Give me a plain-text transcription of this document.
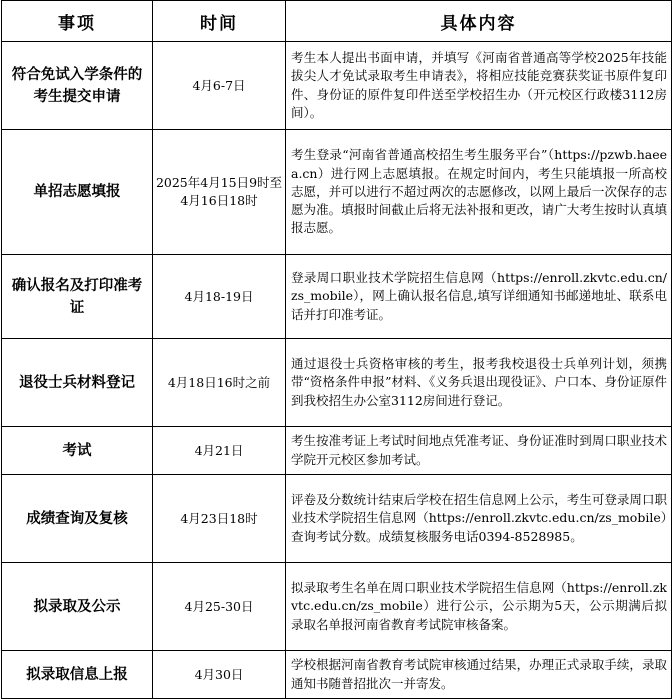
事项	时间	具体内容
符合免试入学条件的考生提交申请	4月6-7日	考生本人提出书面申请，并填写《河南省普通高等学校2025年技能拔尖人才免试录取考生申请表》，将相应技能竞赛获奖证书原件复印件、身份证的原件复印件送至学校招生办（开元校区行政楼3112房间）。
单招志愿填报	2025年4月15日9时至4月16日18时	考生登录“河南省普通高校招生考生服务平台”（https://pzwb.haeea.cn）进行网上志愿填报。在规定时间内，考生只能填报一所高校志愿，并可以进行不超过两次的志愿修改，以网上最后一次保存的志愿为准。填报时间截止后将无法补报和更改，请广大考生按时认真填报志愿。
确认报名及打印准考证	4月18-19日	登录周口职业技术学院招生信息网（https://enroll.zkvtc.edu.cn/zs_mobile），网上确认报名信息,填写详细通知书邮递地址、联系电话并打印准考证。
退役士兵材料登记	4月18日16时之前	通过退役士兵资格审核的考生，报考我校退役士兵单列计划，须携带“资格条件申报”材料、《义务兵退出现役证》、户口本、身份证原件到我校招生办公室3112房间进行登记。
考试	4月21日	考生按准考证上考试时间地点凭准考证、身份证准时到周口职业技术学院开元校区参加考试。
成绩查询及复核	4月23日18时	评卷及分数统计结束后学校在招生信息网上公示，考生可登录周口职业技术学院招生信息网（https://enroll.zkvtc.edu.cn/zs_mobile）查询考试分数。成绩复核服务电话0394-8528985。
拟录取及公示	4月25-30日	拟录取考生名单在周口职业技术学院招生信息网（https://enroll.zkvtc.edu.cn/zs_mobile）进行公示，公示期为5天，公示期满后拟录取名单报河南省教育考试院审核备案。
拟录取信息上报	4月30日	学校根据河南省教育考试院审核通过结果，办理正式录取手续，录取通知书随普招批次一并寄发。
